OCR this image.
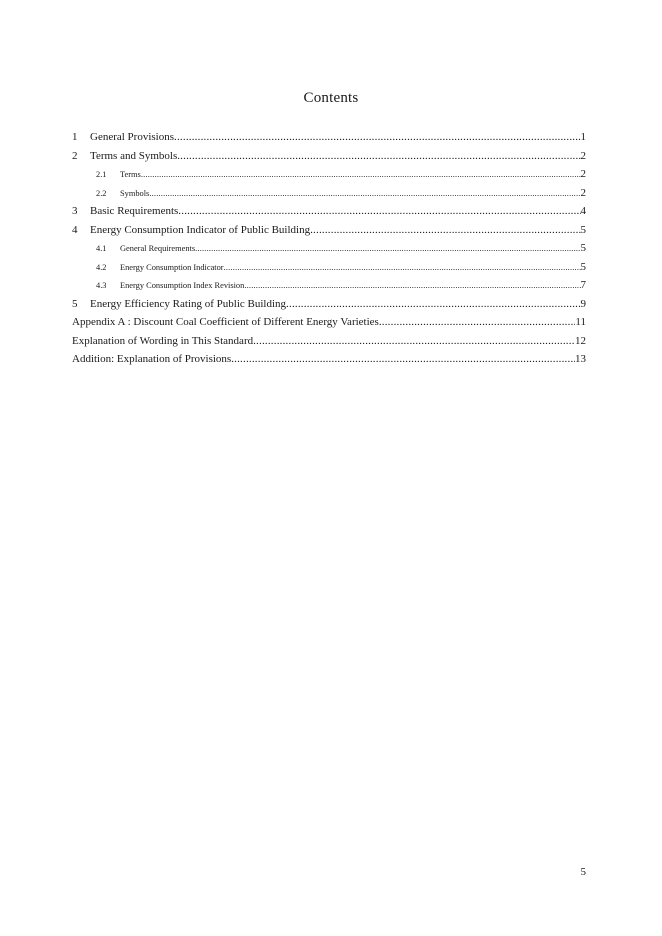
Contents
1	General Provisions .....	1
2	Terms and Symbols .....	2
2.1	Terms .....	2
2.2	Symbols .....	2
3	Basic Requirements .....	4
4	Energy Consumption Indicator of Public Building .....	5
4.1	General Requirements .....	5
4.2	Energy Consumption Indicator .....	5
4.3	Energy Consumption Index Revision .....	7
5	Energy Efficiency Rating of Public Building .....	9
Appendix A : Discount Coal Coefficient of Different Energy Varieties .....	11
Explanation of Wording in This Standard .....	12
Addition: Explanation of Provisions .....	13
5
